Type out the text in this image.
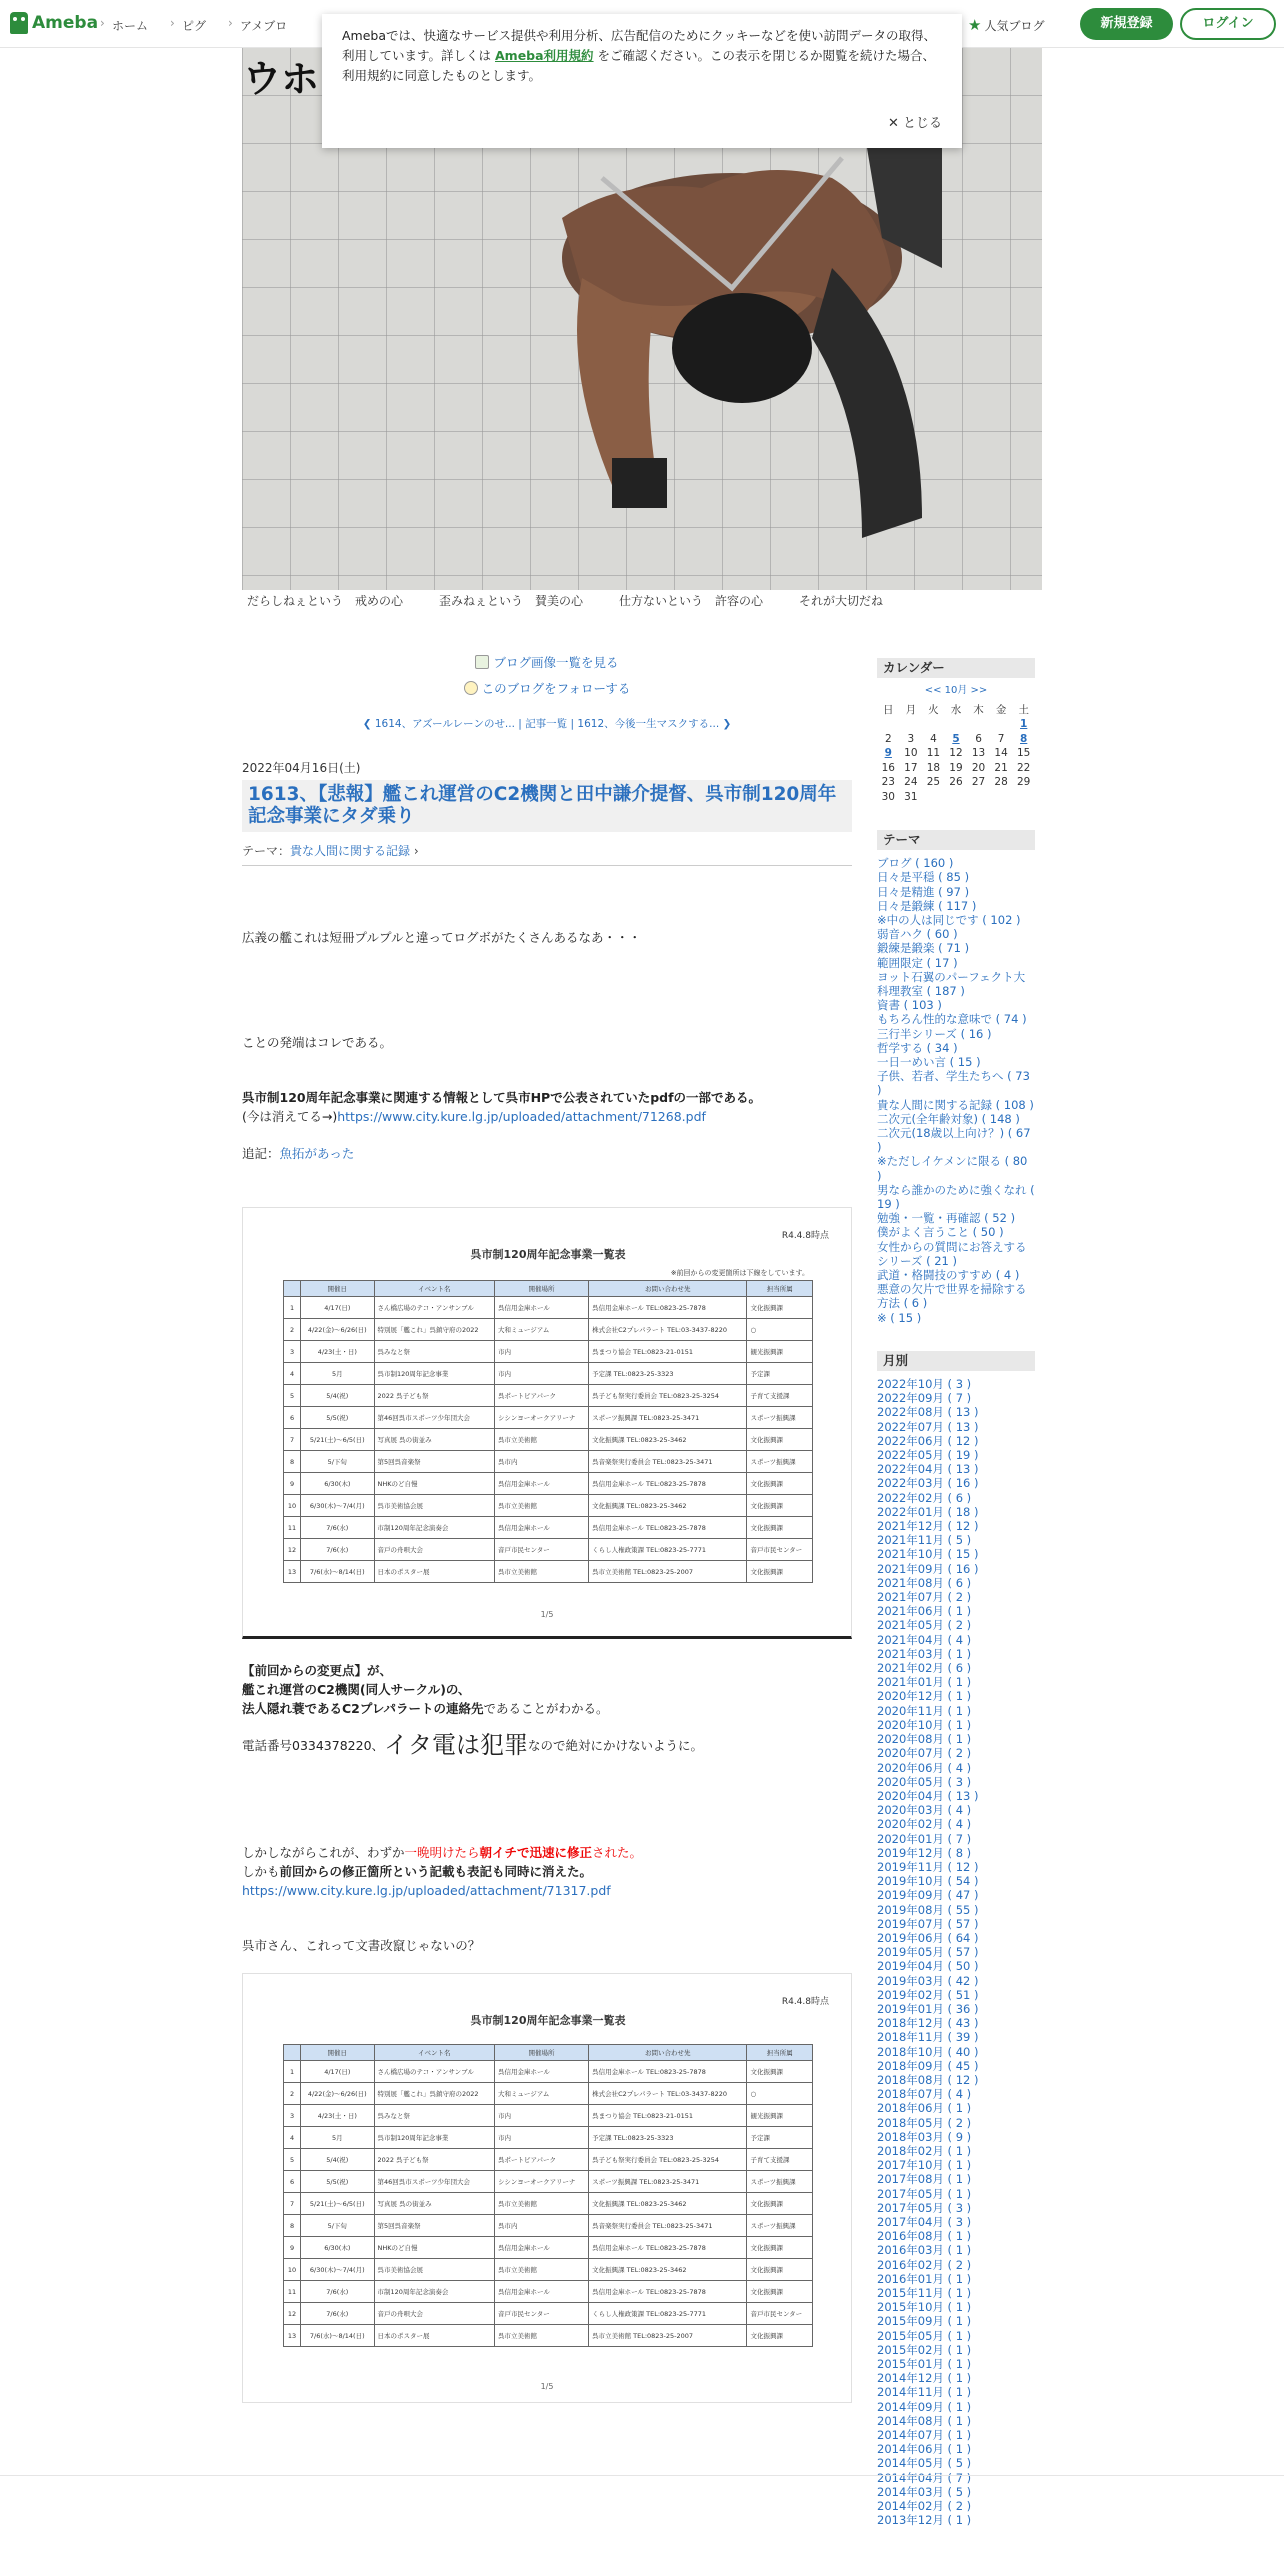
ウホ
だらしねぇという　戒めの心　　　歪みねぇという　賛美の心　　　仕方ないという　許容の心　　　それが大切だね
Ameba	› ホーム	› ピグ	› アメブロ	★ 人気ブログ	新規登録	ログイン
Amebaでは、快適なサービス提供や利用分析、広告配信のためにクッキーなどを使い訪問データの取得、利用しています。詳しくは Ameba利用規約 をご確認ください。この表示を閉じるか閲覧を続けた場合、利用規約に同意したものとします。
✕ とじる
ブログ画像一覧を見る
このブログをフォローする
❮ 1614、アズールレーンのせ... | 記事一覧 | 1612、今後一生マスクする... ❯
2022年04月16日(土)
1613、【悲報】艦これ運営のC2機関と田中謙介提督、呉市制120周年記念事業にタダ乗り
テーマ：貴な人間に関する記録 ›

広義の艦これは短冊プルプルと違ってログボがたくさんあるなあ・・・

ことの発端はコレである。

呉市制120周年記念事業に関連する情報として呉市HPで公表されていたpdfの一部である。

(今は消えてる→)https://www.city.kure.lg.jp/uploaded/attachment/71268.pdf

追記：魚拓があった

R4.4.8時点
呉市制120周年記念事業一覧表
※前回からの変更箇所は下線をしています。
	開催日	イベント名	開催場所	お問い合わせ先	担当所属
1	4/17(日)	さん橋広場のテコ・アンサンブル	呉信用金庫ホール	呉信用金庫ホール TEL:0823-25-7878	文化振興課
2	4/22(金)〜6/26(日)	特別展「艦これ」呉鎮守府の2022	大和ミュージアム	株式会社C2プレパラート TEL:03-3437-8220	○
3	4/23(土・日)	呉みなと祭	市内	呉まつり協会 TEL:0823-21-0151	観光振興課
4	5月	呉市制120周年記念事業	市内	予定課 TEL:0823-25-3323	予定課
5	5/4(祝)	2022 呉子ども祭	呉ポートピアパーク	呉子ども祭実行委員会 TEL:0823-25-3254	子育て支援課
6	5/5(祝)	第46回呉市スポーツ少年団大会	シシンヨーオークアリーナ	スポーツ振興課 TEL:0823-25-3471	スポーツ振興課
7	5/21(土)〜6/5(日)	写真展 呉の街並み	呉市立美術館	文化振興課 TEL:0823-25-3462	文化振興課
8	5/下旬	第5回呉音楽祭	呉市内	呉音楽祭実行委員会 TEL:0823-25-3471	スポーツ振興課
9	6/30(木)	NHKのど自慢	呉信用金庫ホール	呉信用金庫ホール TEL:0823-25-7878	文化振興課
10	6/30(木)〜7/4(月)	呉市美術協会展	呉市立美術館	文化振興課 TEL:0823-25-3462	文化振興課
11	7/6(水)	市制120周年記念演奏会	呉信用金庫ホール	呉信用金庫ホール TEL:0823-25-7878	文化振興課
12	7/6(水)	音戸の舟唄大会	音戸市民センター	くらし人権政策課 TEL:0823-25-7771	音戸市民センター
13	7/6(水)〜8/14(日)	日本のポスター展	呉市立美術館	呉市立美術館 TEL:0823-25-2007	文化振興課
1/5

【前回からの変更点】が、

艦これ運営のC2機関(同人サークル)の、

法人隠れ蓑であるC2プレパラートの連絡先であることがわかる。

電話番号0334378220、イタ電は犯罪なので絶対にかけないように。

しかしながらこれが、わずか一晩明けたら朝イチで迅速に修正された。

しかも前回からの修正箇所という記載も表記も同時に消えた。

https://www.city.kure.lg.jp/uploaded/attachment/71317.pdf

呉市さん、これって文書改竄じゃないの？

R4.4.8時点
呉市制120周年記念事業一覧表

	開催日	イベント名	開催場所	お問い合わせ先	担当所属
1	4/17(日)	さん橋広場のテコ・アンサンブル	呉信用金庫ホール	呉信用金庫ホール TEL:0823-25-7878	文化振興課
2	4/22(金)〜6/26(日)	特別展「艦これ」呉鎮守府の2022	大和ミュージアム	株式会社C2プレパラート TEL:03-3437-8220	○
3	4/23(土・日)	呉みなと祭	市内	呉まつり協会 TEL:0823-21-0151	観光振興課
4	5月	呉市制120周年記念事業	市内	予定課 TEL:0823-25-3323	予定課
5	5/4(祝)	2022 呉子ども祭	呉ポートピアパーク	呉子ども祭実行委員会 TEL:0823-25-3254	子育て支援課
6	5/5(祝)	第46回呉市スポーツ少年団大会	シシンヨーオークアリーナ	スポーツ振興課 TEL:0823-25-3471	スポーツ振興課
7	5/21(土)〜6/5(日)	写真展 呉の街並み	呉市立美術館	文化振興課 TEL:0823-25-3462	文化振興課
8	5/下旬	第5回呉音楽祭	呉市内	呉音楽祭実行委員会 TEL:0823-25-3471	スポーツ振興課
9	6/30(木)	NHKのど自慢	呉信用金庫ホール	呉信用金庫ホール TEL:0823-25-7878	文化振興課
10	6/30(木)〜7/4(月)	呉市美術協会展	呉市立美術館	文化振興課 TEL:0823-25-3462	文化振興課
11	7/6(水)	市制120周年記念演奏会	呉信用金庫ホール	呉信用金庫ホール TEL:0823-25-7878	文化振興課
12	7/6(水)	音戸の舟唄大会	音戸市民センター	くらし人権政策課 TEL:0823-25-7771	音戸市民センター
13	7/6(水)〜8/14(日)	日本のポスター展	呉市立美術館	呉市立美術館 TEL:0823-25-2007	文化振興課
1/5
カレンダー
<< 10月 >>
日	月	火	水	木	金	土
						1
2	3	4	5	6	7	8
9	10	11	12	13	14	15
16	17	18	19	20	21	22
23	24	25	26	27	28	29
30	31					
テーマ
ブログ ( 160 )
日々是平穏 ( 85 )
日々是精進 ( 97 )
日々是鍛練 ( 117 )
※中の人は同じです ( 102 )
弱音ハク ( 60 )
鍛練是鍛楽 ( 71 )
範囲限定 ( 17 )
ヨット石翼のパーフェクト大科理教室 ( 187 )
資書 ( 103 )
もちろん性的な意味で ( 74 )
三行半シリーズ ( 16 )
哲学する ( 34 )
一日一めい言 ( 15 )
子供、若者、学生たちへ ( 73 )
貴な人間に関する記録 ( 108 )
二次元(全年齢対象) ( 148 )
二次元(18歳以上向け？) ( 67 )
※ただしイケメンに限る ( 80 )
男なら誰かのために強くなれ ( 19 )
勉強・一覧・再確認 ( 52 )
僕がよく言うこと ( 50 )
女性からの質問にお答えするシリーズ ( 21 )
武道・格闘技のすすめ ( 4 )
悪意の欠片で世界を掃除する方法 ( 6 )
※ ( 15 )
月別
2022年10月 ( 3 )
2022年09月 ( 7 )
2022年08月 ( 13 )
2022年07月 ( 13 )
2022年06月 ( 12 )
2022年05月 ( 19 )
2022年04月 ( 13 )
2022年03月 ( 16 )
2022年02月 ( 6 )
2022年01月 ( 18 )
2021年12月 ( 12 )
2021年11月 ( 5 )
2021年10月 ( 15 )
2021年09月 ( 16 )
2021年08月 ( 6 )
2021年07月 ( 2 )
2021年06月 ( 1 )
2021年05月 ( 2 )
2021年04月 ( 4 )
2021年03月 ( 1 )
2021年02月 ( 6 )
2021年01月 ( 1 )
2020年12月 ( 1 )
2020年11月 ( 1 )
2020年10月 ( 1 )
2020年08月 ( 1 )
2020年07月 ( 2 )
2020年06月 ( 4 )
2020年05月 ( 3 )
2020年04月 ( 13 )
2020年03月 ( 4 )
2020年02月 ( 4 )
2020年01月 ( 7 )
2019年12月 ( 8 )
2019年11月 ( 12 )
2019年10月 ( 54 )
2019年09月 ( 47 )
2019年08月 ( 55 )
2019年07月 ( 57 )
2019年06月 ( 64 )
2019年05月 ( 57 )
2019年04月 ( 50 )
2019年03月 ( 42 )
2019年02月 ( 51 )
2019年01月 ( 36 )
2018年12月 ( 43 )
2018年11月 ( 39 )
2018年10月 ( 40 )
2018年09月 ( 45 )
2018年08月 ( 12 )
2018年07月 ( 4 )
2018年06月 ( 1 )
2018年05月 ( 2 )
2018年03月 ( 9 )
2018年02月 ( 1 )
2017年10月 ( 1 )
2017年08月 ( 1 )
2017年05月 ( 1 )
2017年05月 ( 3 )
2017年04月 ( 3 )
2016年08月 ( 1 )
2016年03月 ( 1 )
2016年02月 ( 2 )
2016年01月 ( 1 )
2015年11月 ( 1 )
2015年10月 ( 1 )
2015年09月 ( 1 )
2015年05月 ( 1 )
2015年02月 ( 1 )
2015年01月 ( 1 )
2014年12月 ( 1 )
2014年11月 ( 1 )
2014年09月 ( 1 )
2014年08月 ( 1 )
2014年07月 ( 1 )
2014年06月 ( 1 )
2014年05月 ( 5 )
2014年04月 ( 7 )
2014年03月 ( 5 )
2014年02月 ( 2 )
2013年12月 ( 1 )
